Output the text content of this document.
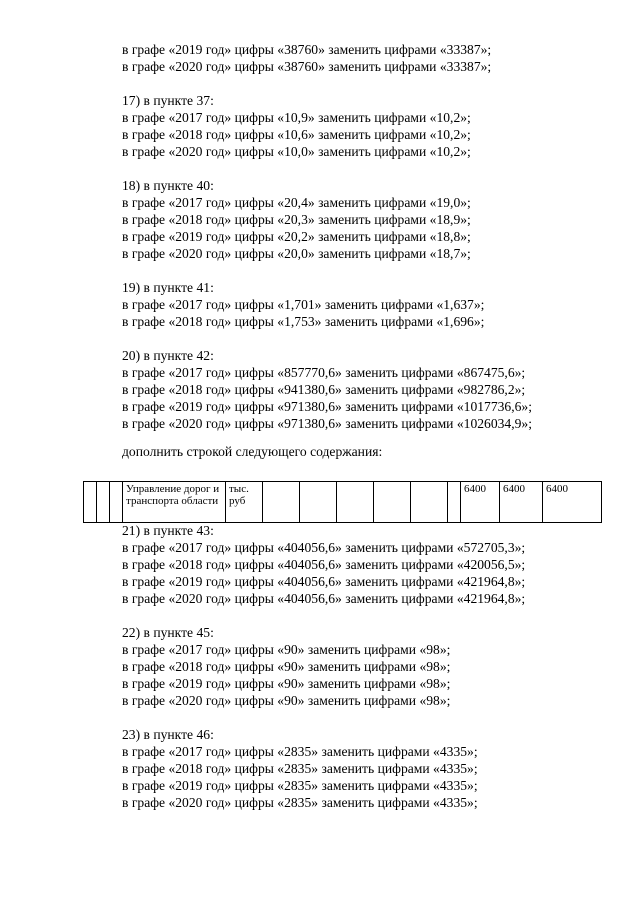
в графе «2019 год» цифры «38760» заменить цифрами «33387»;
в графе «2020 год» цифры «38760» заменить цифрами «33387»;
17) в пункте 37:
в графе «2017 год» цифры «10,9» заменить цифрами «10,2»;
в графе «2018 год» цифры «10,6» заменить цифрами «10,2»;
в графе «2020 год» цифры «10,0» заменить цифрами «10,2»;
18) в пункте 40:
в графе «2017 год» цифры «20,4» заменить цифрами «19,0»;
в графе «2018 год» цифры «20,3» заменить цифрами «18,9»;
в графе «2019 год» цифры «20,2» заменить цифрами «18,8»;
в графе «2020 год» цифры «20,0» заменить цифрами «18,7»;
19) в пункте 41:
в графе «2017 год» цифры «1,701» заменить цифрами «1,637»;
в графе «2018 год» цифры «1,753» заменить цифрами «1,696»;
20) в пункте 42:
в графе «2017 год» цифры «857770,6» заменить цифрами «867475,6»;
в графе «2018 год» цифры «941380,6» заменить цифрами «982786,2»;
в графе «2019 год» цифры «971380,6» заменить цифрами «1017736,6»;
в графе «2020 год» цифры «971380,6» заменить цифрами «1026034,9»;
дополнить строкой следующего содержания:
21) в пункте 43:
в графе «2017 год» цифры «404056,6» заменить цифрами «572705,3»;
в графе «2018 год» цифры «404056,6» заменить цифрами «420056,5»;
в графе «2019 год» цифры «404056,6» заменить цифрами «421964,8»;
в графе «2020 год» цифры «404056,6» заменить цифрами «421964,8»;
22) в пункте 45:
в графе «2017 год» цифры «90» заменить цифрами «98»;
в графе «2018 год» цифры «90» заменить цифрами «98»;
в графе «2019 год» цифры «90» заменить цифрами «98»;
в графе «2020 год» цифры «90» заменить цифрами «98»;
23) в пункте 46:
в графе «2017 год» цифры «2835» заменить цифрами «4335»;
в графе «2018 год» цифры «2835» заменить цифрами «4335»;
в графе «2019 год» цифры «2835» заменить цифрами «4335»;
в графе «2020 год» цифры «2835» заменить цифрами «4335»;
			Управление дорог и транспорта области	тыс. руб							6400	6400	6400
